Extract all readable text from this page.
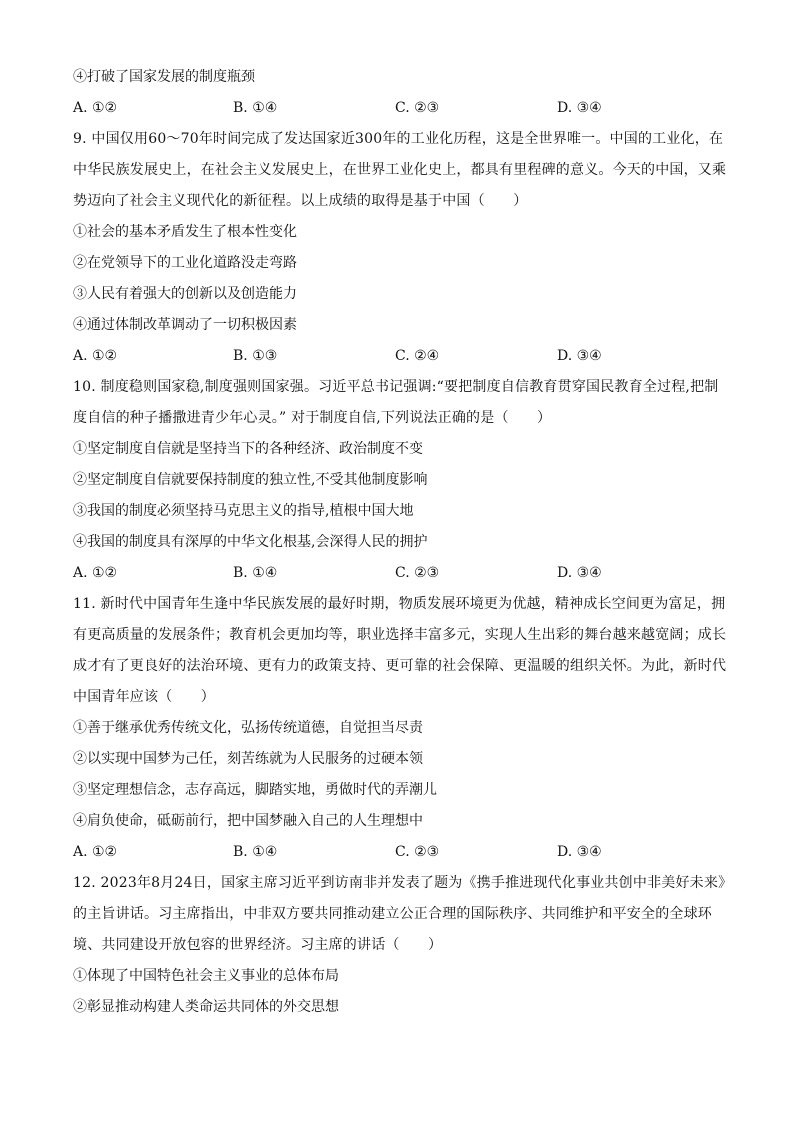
④打破了国家发展的制度瓶颈
A. ①②	B. ①④	C. ②③	D. ③④
9. 中国仅用60～70年时间完成了发达国家近300年的工业化历程，这是全世界唯一。中国的工业化，在
中华民族发展史上，在社会主义发展史上，在世界工业化史上，都具有里程碑的意义。今天的中国，又乘
势迈向了社会主义现代化的新征程。以上成绩的取得是基于中国（　　）
①社会的基本矛盾发生了根本性变化
②在党领导下的工业化道路没走弯路
③人民有着强大的创新以及创造能力
④通过体制改革调动了一切积极因素
A. ①②	B. ①③	C. ②④	D. ③④
10. 制度稳则国家稳,制度强则国家强。习近平总书记强调:“要把制度自信教育贯穿国民教育全过程,把制
度自信的种子播撒进青少年心灵。” 对于制度自信,下列说法正确的是（　　）
①坚定制度自信就是坚持当下的各种经济、政治制度不变
②坚定制度自信就要保持制度的独立性,不受其他制度影响
③我国的制度必须坚持马克思主义的指导,植根中国大地
④我国的制度具有深厚的中华文化根基,会深得人民的拥护
A. ①②	B. ①④	C. ②③	D. ③④
11. 新时代中国青年生逢中华民族发展的最好时期，物质发展环境更为优越，精神成长空间更为富足，拥
有更高质量的发展条件；教育机会更加均等，职业选择丰富多元，实现人生出彩的舞台越来越宽阔；成长
成才有了更良好的法治环境、更有力的政策支持、更可靠的社会保障、更温暖的组织关怀。为此，新时代
中国青年应该（　　）
①善于继承优秀传统文化，弘扬传统道德，自觉担当尽责
②以实现中国梦为己任，刻苦练就为人民服务的过硬本领
③坚定理想信念，志存高远，脚踏实地，勇做时代的弄潮儿
④肩负使命，砥砺前行，把中国梦融入自己的人生理想中
A. ①②	B. ①④	C. ②③	D. ③④
12. 2023年8月24日，国家主席习近平到访南非并发表了题为《携手推进现代化事业共创中非美好未来》
的主旨讲话。习主席指出，中非双方要共同推动建立公正合理的国际秩序、共同维护和平安全的全球环
境、共同建设开放包容的世界经济。习主席的讲话（　　）
①体现了中国特色社会主义事业的总体布局
②彰显推动构建人类命运共同体的外交思想
